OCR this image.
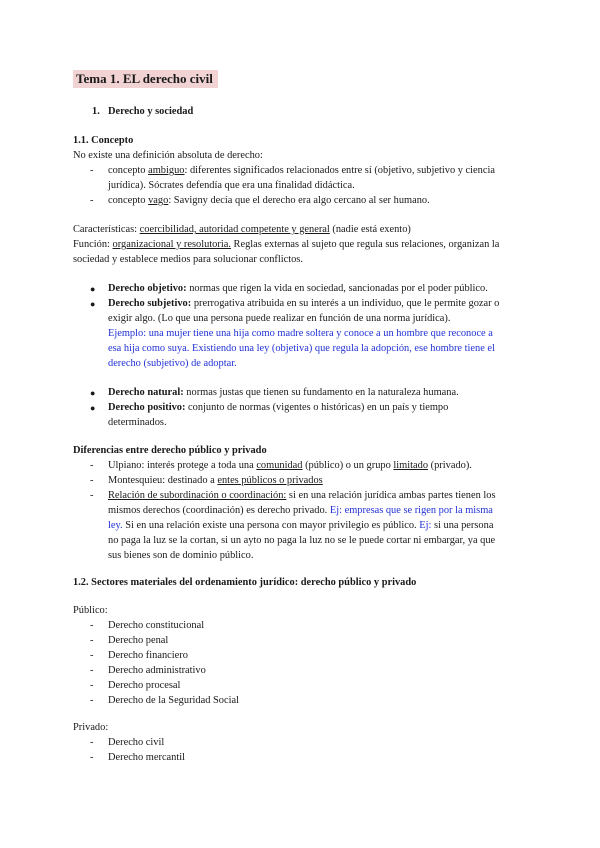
Tema 1. EL derecho civil
1. Derecho y sociedad
1.1. Concepto
No existe una definición absoluta de derecho:
- concepto ambiguo: diferentes significados relacionados entre sí (objetivo, subjetivo y ciencia
jurídica). Sócrates defendía que era una finalidad didáctica.
- concepto vago: Savigny decía que el derecho era algo cercano al ser humano.
Características: coercibilidad, autoridad competente y general (nadie está exento)
Función: organizacional y resolutoria. Reglas externas al sujeto que regula sus relaciones, organizan la
sociedad y establece medios para solucionar conflictos.
● Derecho objetivo: normas que rigen la vida en sociedad, sancionadas por el poder público.
● Derecho subjetivo: prerrogativa atribuida en su interés a un individuo, que le permite gozar o
exigir algo. (Lo que una persona puede realizar en función de una norma jurídica).
Ejemplo: una mujer tiene una hija como madre soltera y conoce a un hombre que reconoce a
esa hija como suya. Existiendo una ley (objetiva) que regula la adopción, ese hombre tiene el
derecho (subjetivo) de adoptar.
● Derecho natural: normas justas que tienen su fundamento en la naturaleza humana.
● Derecho positivo: conjunto de normas (vigentes o históricas) en un país y tiempo
determinados.
Diferencias entre derecho público y privado
- Ulpiano: interés protege a toda una comunidad (público) o un grupo limitado (privado).
- Montesquieu: destinado a entes públicos o privados
- Relación de subordinación o coordinación: si en una relación jurídica ambas partes tienen los
mismos derechos (coordinación) es derecho privado. Ej: empresas que se rigen por la misma
ley. Si en una relación existe una persona con mayor privilegio es público. Ej: si una persona
no paga la luz se la cortan, si un ayto no paga la luz no se le puede cortar ni embargar, ya que
sus bienes son de dominio público.
1.2. Sectores materiales del ordenamiento jurídico: derecho público y privado
Público:
- Derecho constitucional
- Derecho penal
- Derecho financiero
- Derecho administrativo
- Derecho procesal
- Derecho de la Seguridad Social
Privado:
- Derecho civil
- Derecho mercantil
